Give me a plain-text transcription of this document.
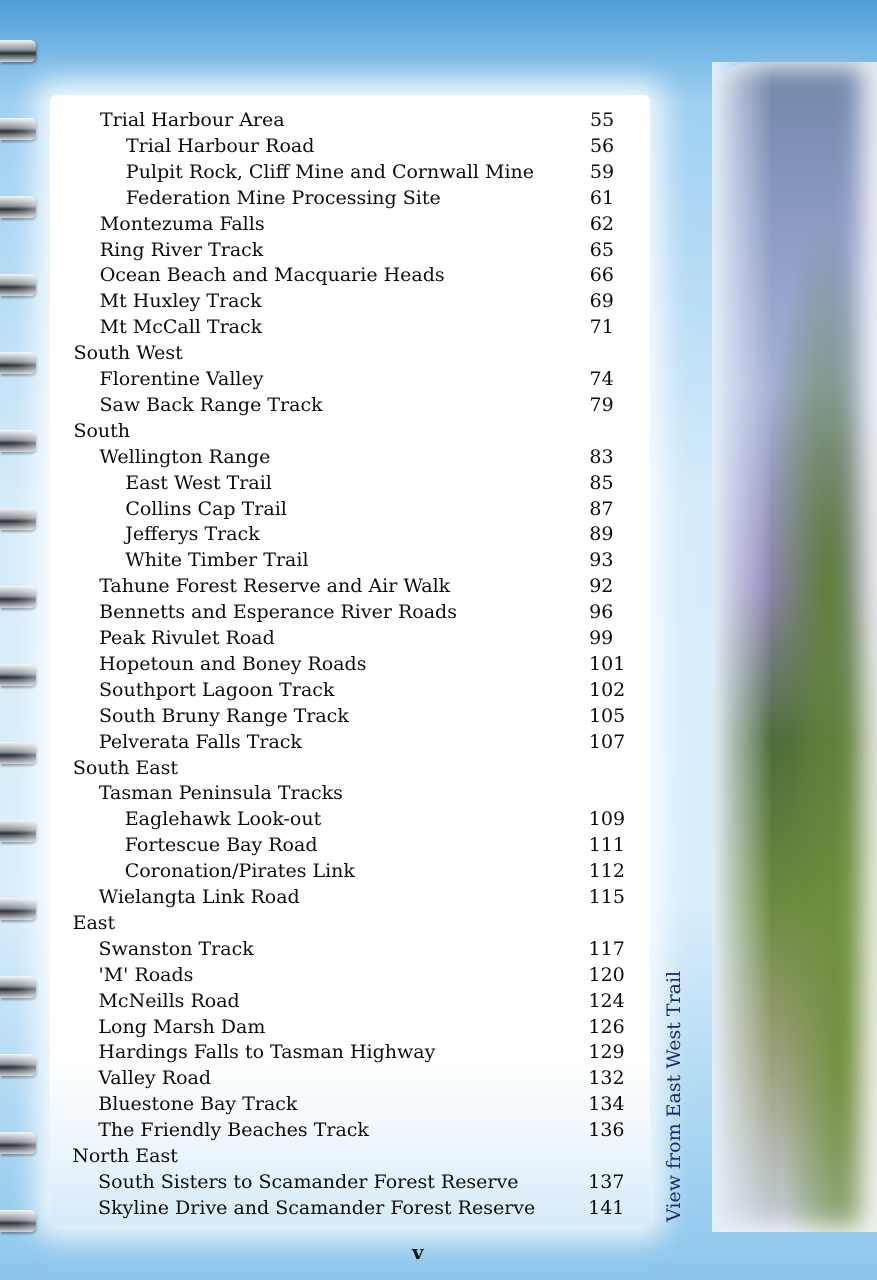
View from East West Trail
Trial Harbour Area	55
Trial Harbour Road	56
Pulpit Rock, Cliff Mine and Cornwall Mine	59
Federation Mine Processing Site	61
Montezuma Falls	62
Ring River Track	65
Ocean Beach and Macquarie Heads	66
Mt Huxley Track	69
Mt McCall Track	71
South West
Florentine Valley	74
Saw Back Range Track	79
South
Wellington Range	83
East West Trail	85
Collins Cap Trail	87
Jefferys Track	89
White Timber Trail	93
Tahune Forest Reserve and Air Walk	92
Bennetts and Esperance River Roads	96
Peak Rivulet Road	99
Hopetoun and Boney Roads	101
Southport Lagoon Track	102
South Bruny Range Track	105
Pelverata Falls Track	107
South East
Tasman Peninsula Tracks
Eaglehawk Look-out	109
Fortescue Bay Road	111
Coronation/Pirates Link	112
Wielangta Link Road	115
East
Swanston Track	117
'M' Roads	120
McNeills Road	124
Long Marsh Dam	126
Hardings Falls to Tasman Highway	129
Valley Road	132
Bluestone Bay Track	134
The Friendly Beaches Track	136
North East
South Sisters to Scamander Forest Reserve	137
Skyline Drive and Scamander Forest Reserve	141
v
